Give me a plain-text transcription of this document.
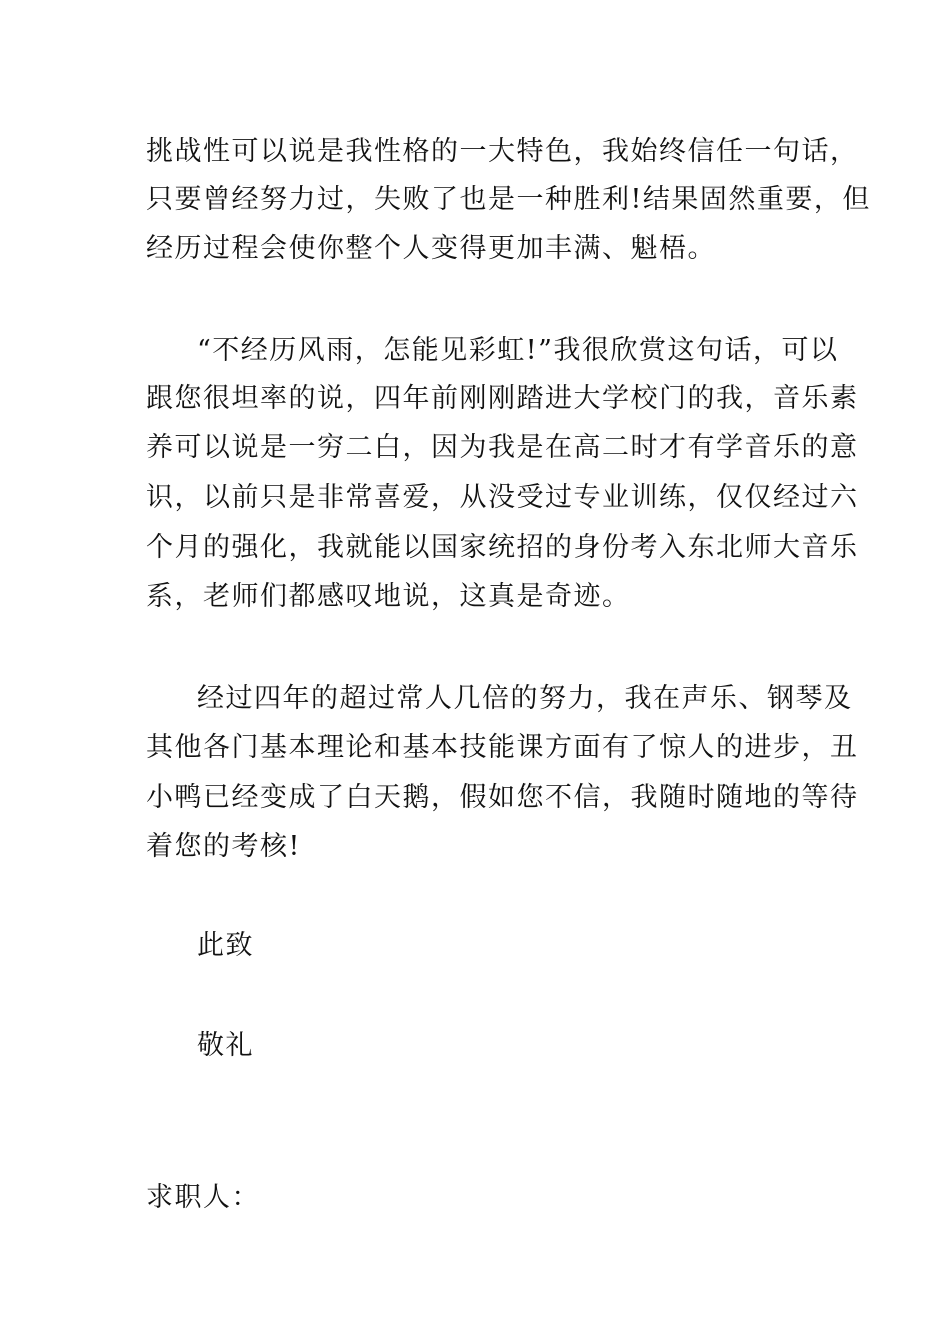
挑战性可以说是我性格的一大特色，我始终信任一句话，
只要曾经努力过，失败了也是一种胜利!结果固然重要，但
经历过程会使你整个人变得更加丰满、魁梧。
“不经历风雨，怎能见彩虹!”我很欣赏这句话，可以
跟您很坦率的说，四年前刚刚踏进大学校门的我，音乐素
养可以说是一穷二白，因为我是在高二时才有学音乐的意
识，以前只是非常喜爱，从没受过专业训练，仅仅经过六
个月的强化，我就能以国家统招的身份考入东北师大音乐
系，老师们都感叹地说，这真是奇迹。
经过四年的超过常人几倍的努力，我在声乐、钢琴及
其他各门基本理论和基本技能课方面有了惊人的进步，丑
小鸭已经变成了白天鹅，假如您不信，我随时随地的等待
着您的考核!
此致
敬礼
求职人：
